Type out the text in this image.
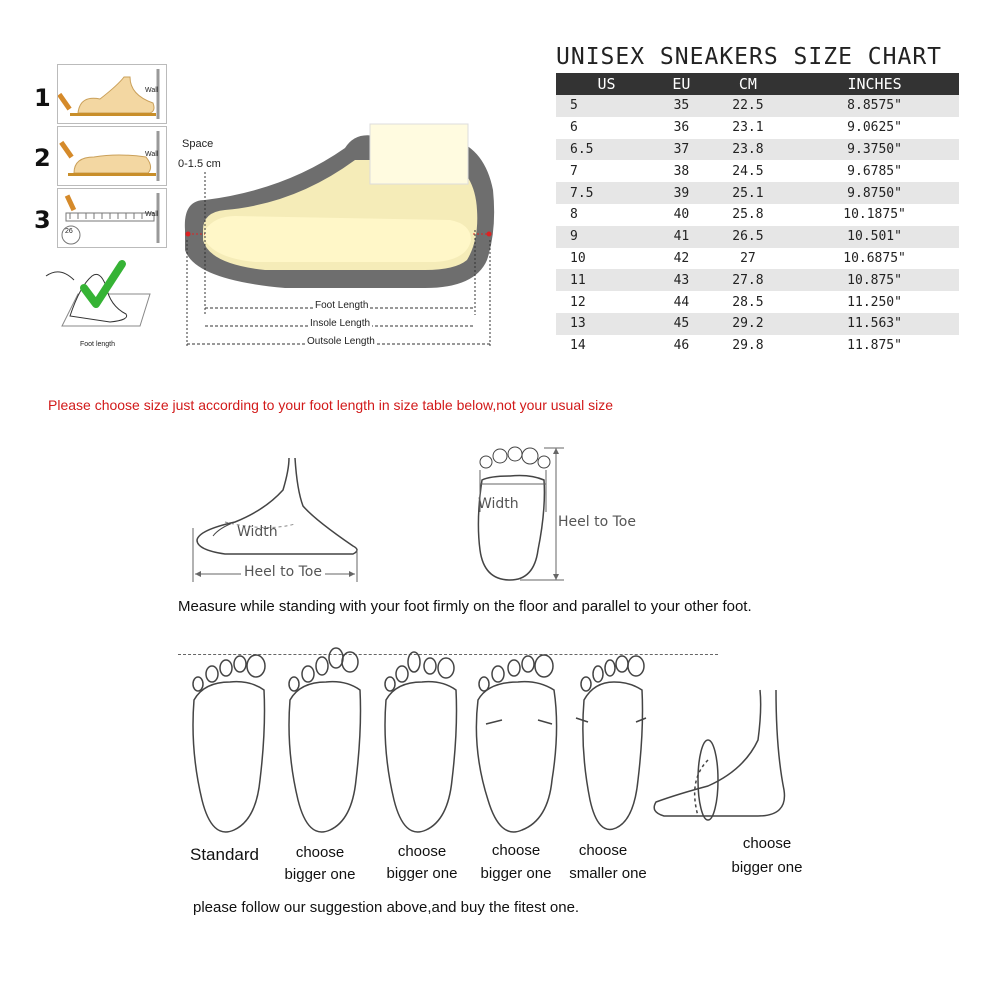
1	Wall
2	Wall
3 26
Wall
Foot length
Space
0-1.5 cm
Foot Length
Insole Length
Outsole Length
UNISEX SNEAKERS SIZE CHART
US	EU	CM	INCHES
5	35	22.5	8.8575"
6	36	23.1	9.0625"
6.5	37	23.8	9.3750"
7	38	24.5	9.6785"
7.5	39	25.1	9.8750"
8	40	25.8	10.1875"
9	41	26.5	10.501"
10	42	27	10.6875"
11	43	27.8	10.875"
12	44	28.5	11.250"
13	45	29.2	11.563"
14	46	29.8	11.875"
Please choose size just according to your foot length in size table below,not your usual size
Width
Heel to Toe
Width
Heel to Toe
Measure while standing with your foot firmly on the floor and parallel to your other foot.
Standard	choose
bigger one
choose
bigger one
choose
bigger one
choose
smaller one
choose
bigger one
please follow our suggestion above,and buy the fitest one.
